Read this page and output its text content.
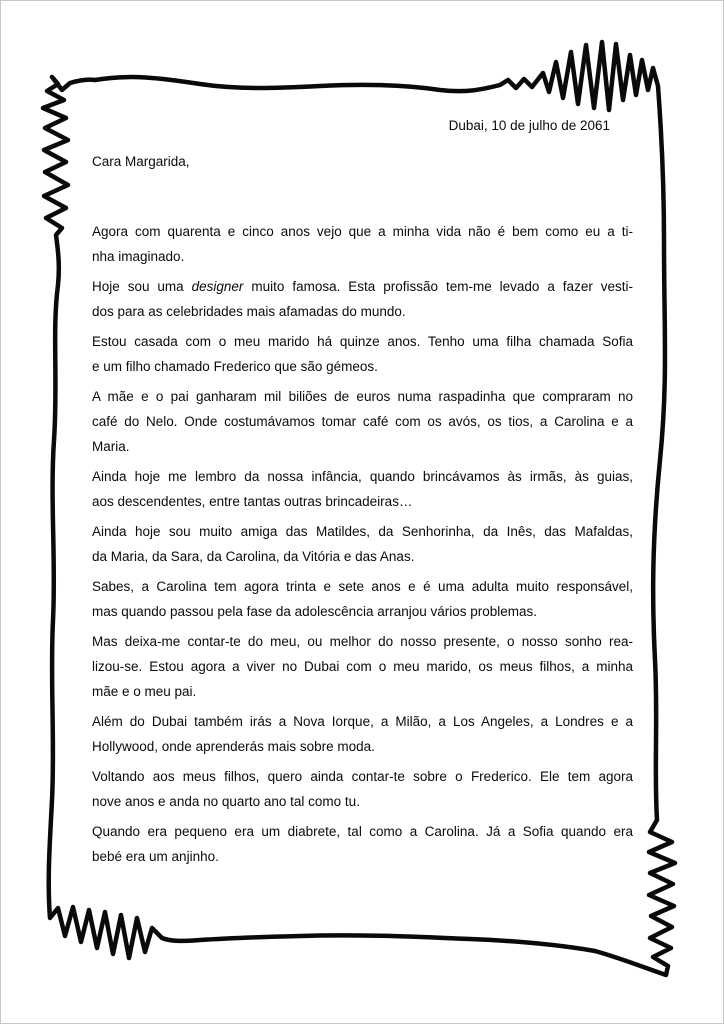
Dubai, 10 de julho de 2061
Cara Margarida,

Agora com quarenta e cinco anos vejo que a minha vida não é bem como eu a ti-
nha imaginado.

Hoje sou uma designer muito famosa. Esta profissão tem-me levado a fazer vesti-
dos para as celebridades mais afamadas do mundo.

Estou casada com o meu marido há quinze anos. Tenho uma filha chamada Sofia
e um filho chamado Frederico que são gémeos.

A mãe e o pai ganharam mil biliões de euros numa raspadinha que compraram no
café do Nelo. Onde costumávamos tomar café com os avós, os tios, a Carolina e a
Maria.

Ainda hoje me lembro da nossa infância, quando brincávamos às irmãs, às guias,
aos descendentes, entre tantas outras brincadeiras…

Ainda hoje sou muito amiga das Matildes, da Senhorinha, da Inês, das Mafaldas,
da Maria, da Sara, da Carolina, da Vitória e das Anas.

Sabes, a Carolina tem agora trinta e sete anos e é uma adulta muito responsável,
mas quando passou pela fase da adolescência arranjou vários problemas.

Mas deixa-me contar-te do meu, ou melhor do nosso presente, o nosso sonho rea-
lizou-se. Estou agora a viver no Dubai com o meu marido, os meus filhos, a minha
mãe e o meu pai.

Além do Dubai também irás a Nova Iorque, a Milão, a Los Angeles, a Londres e a
Hollywood, onde aprenderás mais sobre moda.

Voltando aos meus filhos, quero ainda contar-te sobre o Frederico. Ele tem agora
nove anos e anda no quarto ano tal como tu.

Quando era pequeno era um diabrete, tal como a Carolina. Já a Sofia quando era
bebé era um anjinho.
